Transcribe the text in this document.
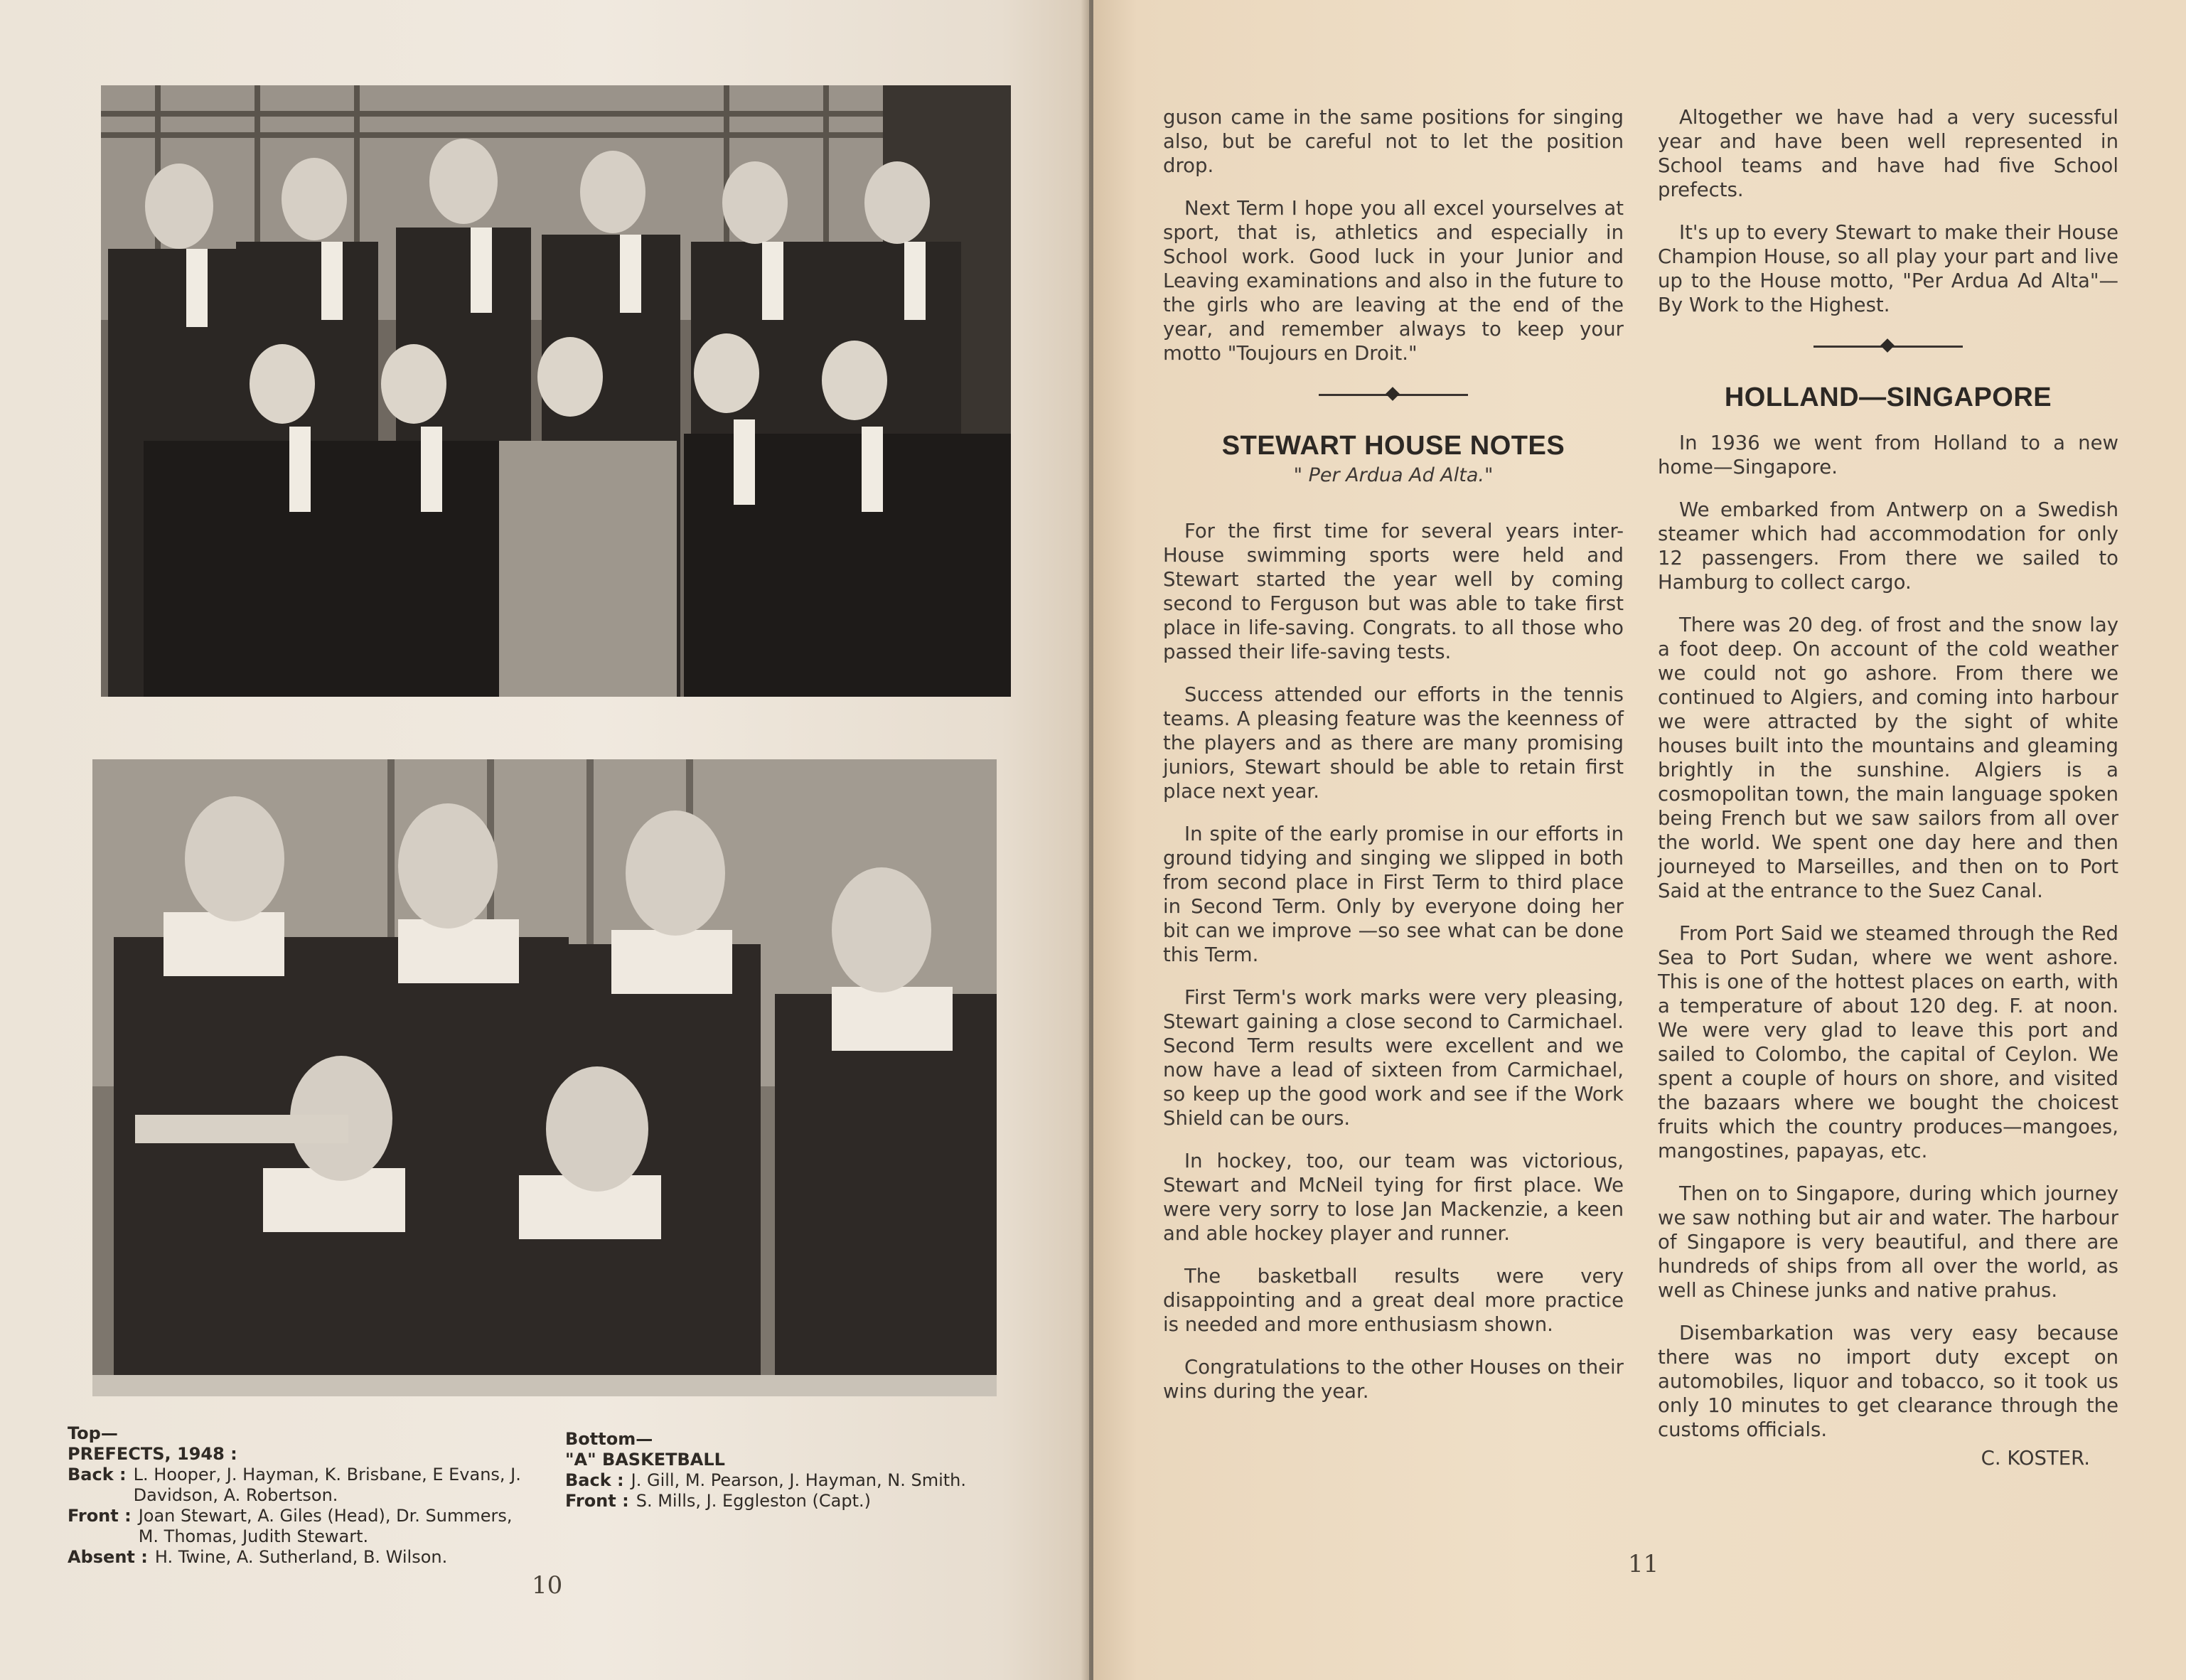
Top—
PREFECTS, 1948 :
Back : L. Hooper, J. Hayman, K. Brisbane, E Evans, J. Davidson, A. Robertson.
Front : Joan Stewart, A. Giles (Head), Dr. Summers, M. Thomas, Judith Stewart.
Absent : H. Twine, A. Sutherland, B. Wilson.
Bottom—
"A" BASKETBALL
Back : J. Gill, M. Pearson, J. Hayman, N. Smith.
Front : S. Mills, J. Eggleston (Capt.)
10

guson came in the same positions for singing also, but be careful not to let the position drop.

Next Term I hope you all excel yourselves at sport, that is, athletics and especially in School work. Good luck in your Junior and Leaving examinations and also in the future to the girls who are leaving at the end of the year, and remember always to keep your motto "Toujours en Droit."

STEWART HOUSE NOTES
" Per Ardua Ad Alta."

For the first time for several years inter-House swimming sports were held and Stewart started the year well by coming second to Ferguson but was able to take first place in life-saving. Congrats. to all those who passed their life-saving tests.

Success attended our efforts in the tennis teams. A pleasing feature was the keenness of the players and as there are many promising juniors, Stewart should be able to retain first place next year.

In spite of the early promise in our efforts in ground tidying and singing we slipped in both from second place in First Term to third place in Second Term. Only by everyone doing her bit can we improve —so see what can be done this Term.

First Term's work marks were very pleasing, Stewart gaining a close second to Carmichael. Second Term results were excellent and we now have a lead of sixteen from Carmichael, so keep up the good work and see if the Work Shield can be ours.

In hockey, too, our team was victorious, Stewart and McNeil tying for first place. We were very sorry to lose Jan Mackenzie, a keen and able hockey player and runner.

The basketball results were very disappointing and a great deal more practice is needed and more enthusiasm shown.

Congratulations to the other Houses on their wins during the year.

Altogether we have had a very sucessful year and have been well represented in School teams and have had five School prefects.

It's up to every Stewart to make their House Champion House, so all play your part and live up to the House motto, "Per Ardua Ad Alta"—By Work to the Highest.

HOLLAND—SINGAPORE

In 1936 we went from Holland to a new home—Singapore.

We embarked from Antwerp on a Swedish steamer which had accommodation for only 12 passengers. From there we sailed to Hamburg to collect cargo.

There was 20 deg. of frost and the snow lay a foot deep. On account of the cold weather we could not go ashore. From there we continued to Algiers, and coming into harbour we were attracted by the sight of white houses built into the mountains and gleaming brightly in the sunshine. Algiers is a cosmopolitan town, the main language spoken being French but we saw sailors from all over the world. We spent one day here and then journeyed to Marseilles, and then on to Port Said at the entrance to the Suez Canal.

From Port Said we steamed through the Red Sea to Port Sudan, where we went ashore. This is one of the hottest places on earth, with a temperature of about 120 deg. F. at noon. We were very glad to leave this port and sailed to Colombo, the capital of Ceylon. We spent a couple of hours on shore, and visited the bazaars where we bought the choicest fruits which the country produces—mangoes, mangostines, papayas, etc.

Then on to Singapore, during which journey we saw nothing but air and water. The harbour of Singapore is very beautiful, and there are hundreds of ships from all over the world, as well as Chinese junks and native prahus.

Disembarkation was very easy because there was no import duty except on automobiles, liquor and tobacco, so it took us only 10 minutes to get clearance through the customs officials.

C. KOSTER.
11
